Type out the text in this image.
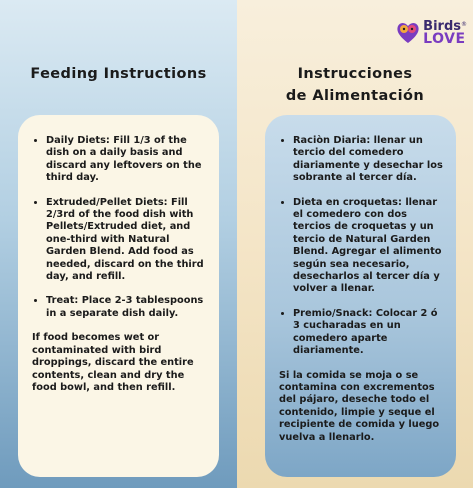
Birds®
LOVE
Feeding Instructions	Instrucciones
de Alimentación
• Daily Diets: Fill 1/3 of the dish on a daily basis and discard any leftovers on the third day.
• Extruded/Pellet Diets: Fill 2/3rd of the food dish with Pellets/Extruded diet, and one-third with Natural Garden Blend. Add food as needed, discard on the third day, and refill.
• Treat: Place 2-3 tablespoons in a separate dish daily.

If food becomes wet or contaminated with bird droppings, discard the entire contents, clean and dry the food bowl, and then refill.

• Raciòn Diaria: llenar un tercio del comedero diariamente y desechar los sobrante al tercer día.
• Dieta en croquetas: llenar el comedero con dos tercios de croquetas y un tercio de Natural Garden Blend. Agregar el alimento según sea necesario, desecharlos al tercer día y volver a llenar.
• Premio/Snack: Colocar 2 ó 3 cucharadas en un comedero aparte diariamente.

Si la comida se moja o se contamina con excrementos del pájaro, deseche todo el contenido, limpie y seque el recipiente de comida y luego vuelva a llenarlo.
